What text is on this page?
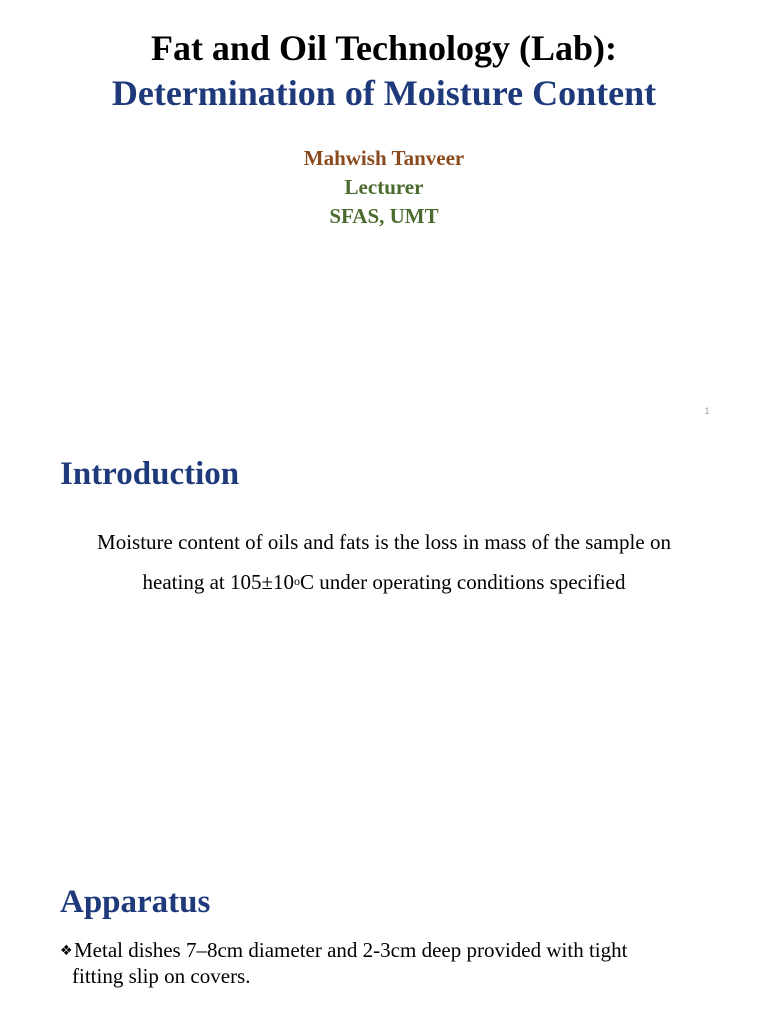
Fat and Oil Technology (Lab):
Determination of Moisture Content
Mahwish Tanveer
Lecturer
SFAS, UMT
1
Introduction
Moisture content of oils and fats is the loss in mass of the sample on heating at $105\pm 10^oC$ under operating conditions specified
Apparatus
❖Metal dishes 7–8cm diameter and 2-3cm deep provided with tight
fitting slip on covers.
